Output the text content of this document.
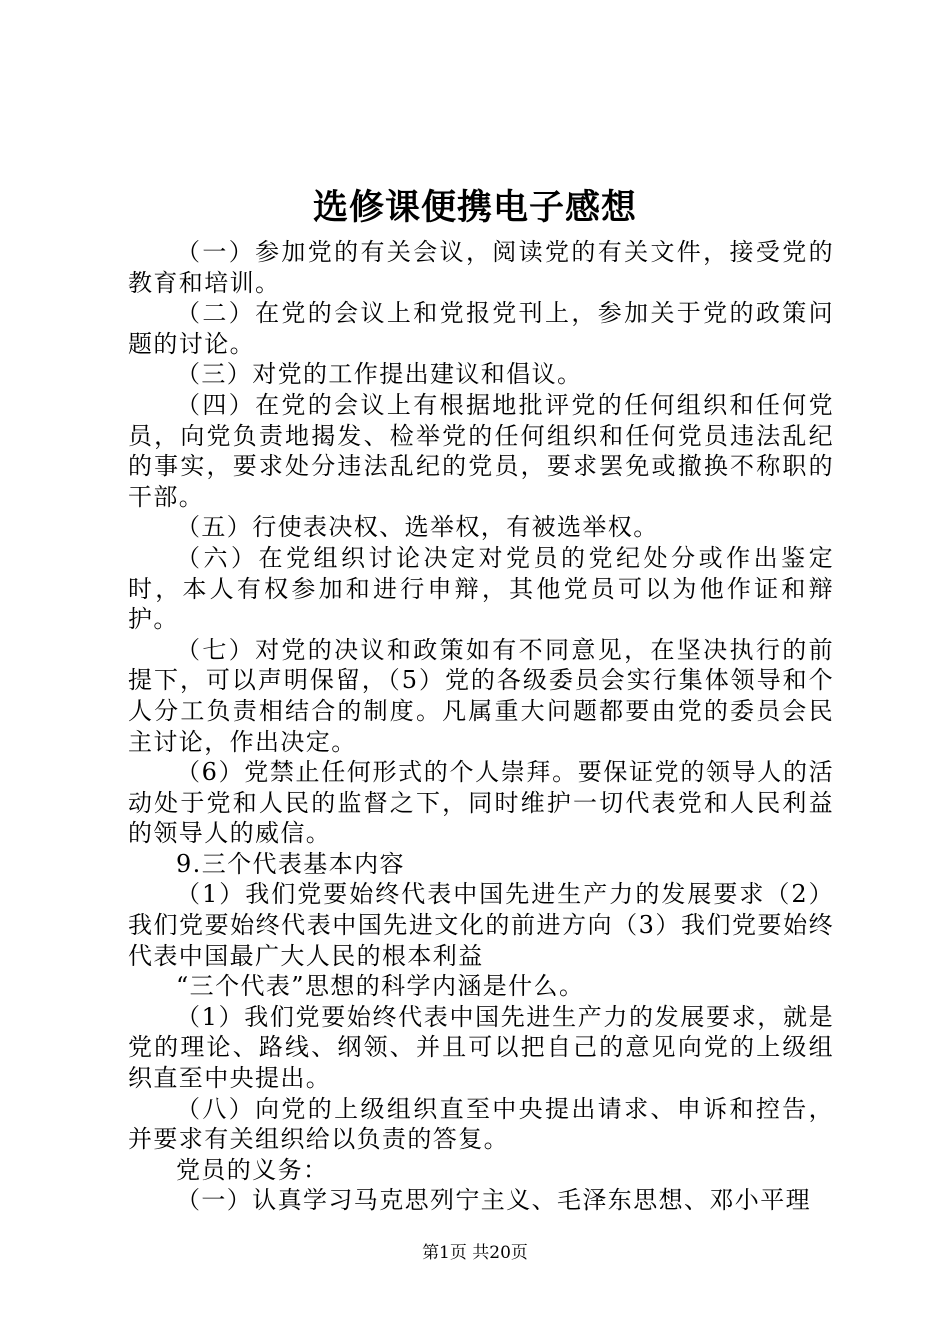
选修课便携电子感想

（一）参加党的有关会议，阅读党的有关文件，接受党的教育和培训。

（二）在党的会议上和党报党刊上，参加关于党的政策问题的讨论。

（三）对党的工作提出建议和倡议。

（四）在党的会议上有根据地批评党的任何组织和任何党员，向党负责地揭发、检举党的任何组织和任何党员违法乱纪的事实，要求处分违法乱纪的党员，要求罢免或撤换不称职的干部。

（五）行使表决权、选举权，有被选举权。

（六）在党组织讨论决定对党员的党纪处分或作出鉴定时，本人有权参加和进行申辩，其他党员可以为他作证和辩护。

（七）对党的决议和政策如有不同意见，在坚决执行的前提下，可以声明保留，（5）党的各级委员会实行集体领导和个人分工负责相结合的制度。凡属重大问题都要由党的委员会民主讨论，作出决定。

（6）党禁止任何形式的个人崇拜。要保证党的领导人的活动处于党和人民的监督之下，同时维护一切代表党和人民利益的领导人的威信。

9.三个代表基本内容

（1）我们党要始终代表中国先进生产力的发展要求（2）我们党要始终代表中国先进文化的前进方向（3）我们党要始终代表中国最广大人民的根本利益

“三个代表”思想的科学内涵是什么。

（1）我们党要始终代表中国先进生产力的发展要求，就是党的理论、路线、纲领、并且可以把自己的意见向党的上级组织直至中央提出。

（八）向党的上级组织直至中央提出请求、申诉和控告，并要求有关组织给以负责的答复。

党员的义务：

（一）认真学习马克思列宁主义、毛泽东思想、邓小平理

第1页 共20页
